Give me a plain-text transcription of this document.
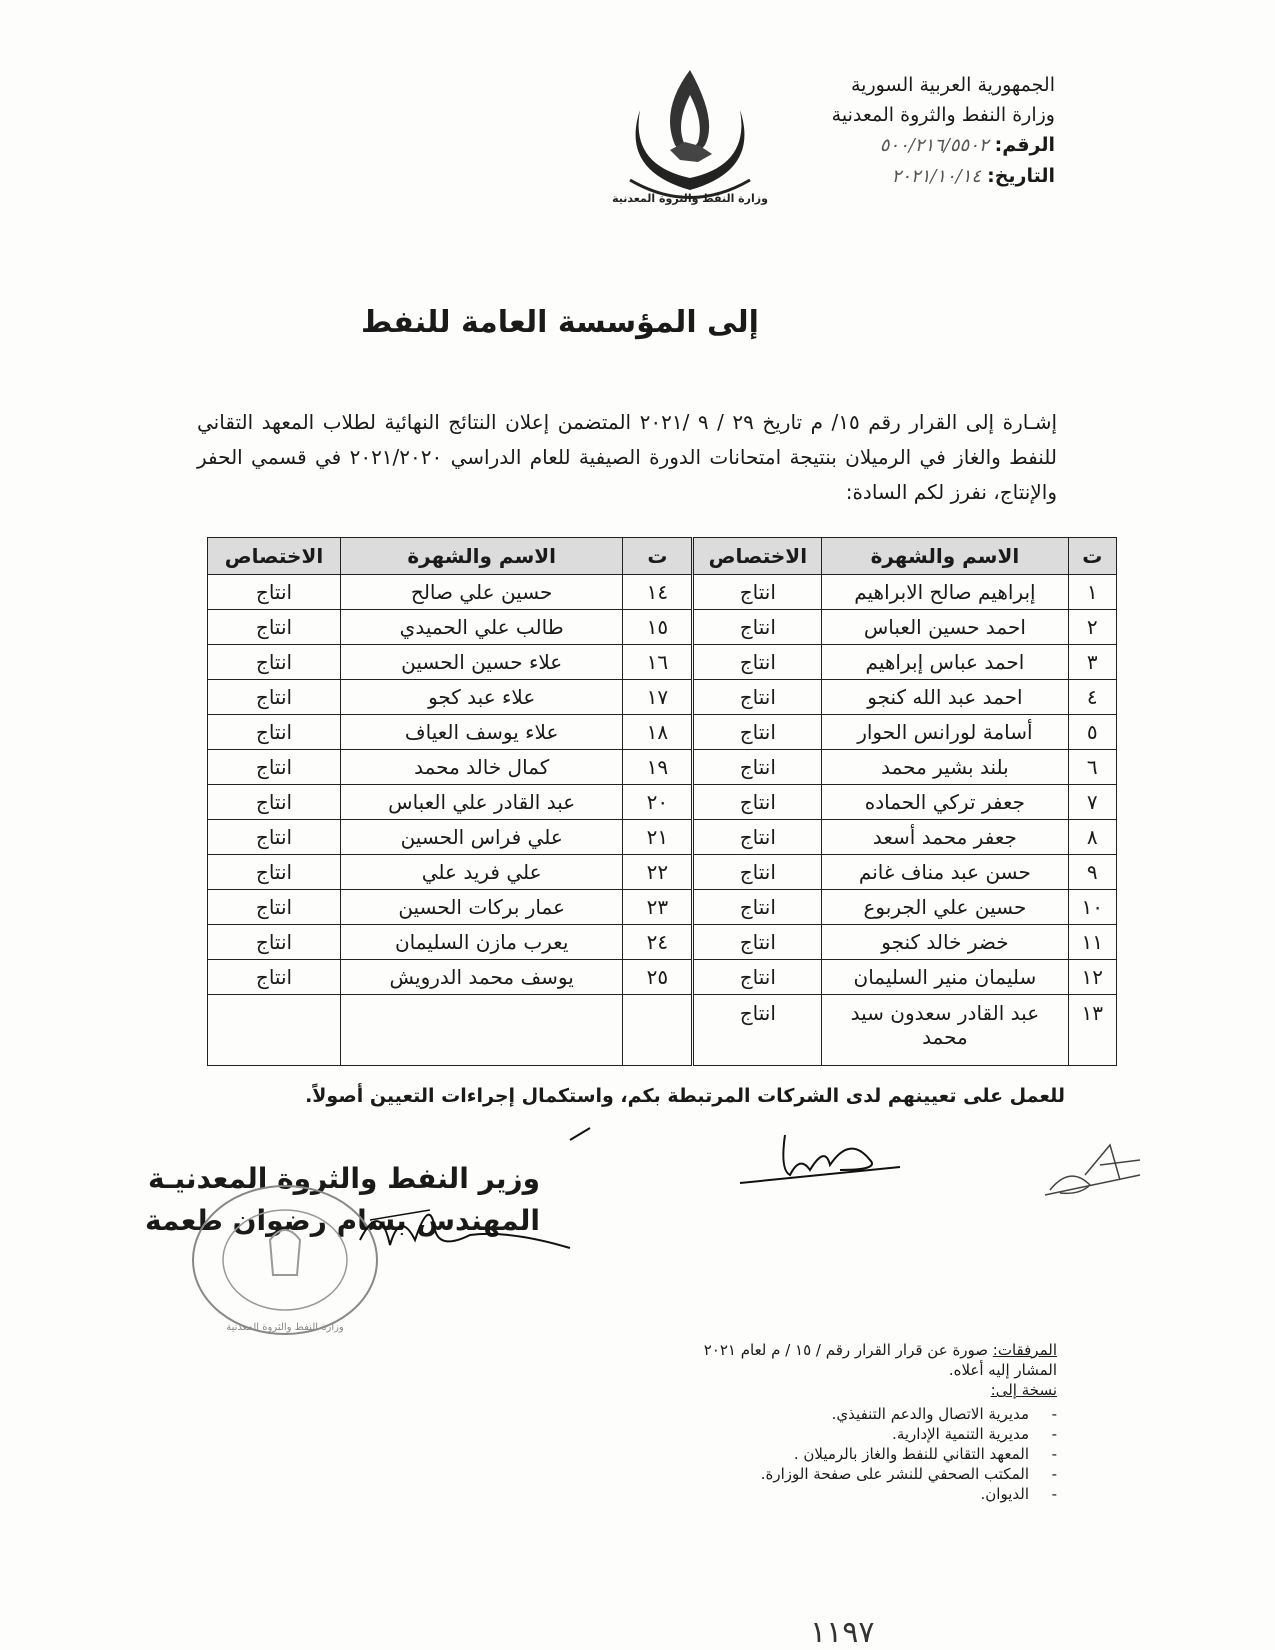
الجمهورية العربية السورية
وزارة النفط والثروة المعدنية
الرقم: ٥٠٠/٢١٦/٥٥٠٢
التاريخ: ٢٠٢١/١٠/١٤
وزارة النفط والثروة المعدنية
إلى المؤسسة العامة للنفط
إشـارة إلى القرار رقم ١٥/ م تاريخ ٢٩ / ٩ /٢٠٢١ المتضمن إعلان النتائج النهائية لطلاب المعهد التقاني للنفط والغاز في الرميلان بنتيجة امتحانات الدورة الصيفية للعام الدراسي ٢٠٢١/٢٠٢٠ في قسمي الحفر والإنتاج، نفرز لكم السادة:
ت	الاسم والشهرة	الاختصاص	ت	الاسم والشهرة	الاختصاص
١	إبراهيم صالح الابراهيم	انتاج	١٤	حسين علي صالح	انتاج
٢	احمد حسين العباس	انتاج	١٥	طالب علي الحميدي	انتاج
٣	احمد عباس إبراهيم	انتاج	١٦	علاء حسين الحسين	انتاج
٤	احمد عبد الله كنجو	انتاج	١٧	علاء عبد كجو	انتاج
٥	أسامة لورانس الحوار	انتاج	١٨	علاء يوسف العياف	انتاج
٦	بلند بشير محمد	انتاج	١٩	كمال خالد محمد	انتاج
٧	جعفر تركي الحماده	انتاج	٢٠	عبد القادر علي العباس	انتاج
٨	جعفر محمد أسعد	انتاج	٢١	علي فراس الحسين	انتاج
٩	حسن عبد مناف غانم	انتاج	٢٢	علي فريد علي	انتاج
١٠	حسين علي الجربوع	انتاج	٢٣	عمار بركات الحسين	انتاج
١١	خضر خالد كنجو	انتاج	٢٤	يعرب مازن السليمان	انتاج
١٢	سليمان منير السليمان	انتاج	٢٥	يوسف محمد الدرويش	انتاج
١٣	عبد القادر سعدون سيد محمد	انتاج			
للعمل على تعيينهم لدى الشركات المرتبطة بكم، واستكمال إجراءات التعيين أصولاً.
وزير النفط والثروة المعدنيـة
المهندس بسام رضوان طعمة
وزارة النفط والثروة المعدنية
المرفقات: صورة عن قرار القرار رقم / ١٥ / م لعام ٢٠٢١ المشار إليه أعلاه.
نسخة إلى:
- مديرية الاتصال والدعم التنفيذي.
- مديرية التنمية الإدارية.
- المعهد التقاني للنفط والغاز بالرميلان .
- المكتب الصحفي للنشر على صفحة الوزارة.
- الديوان.
١١٩٧
